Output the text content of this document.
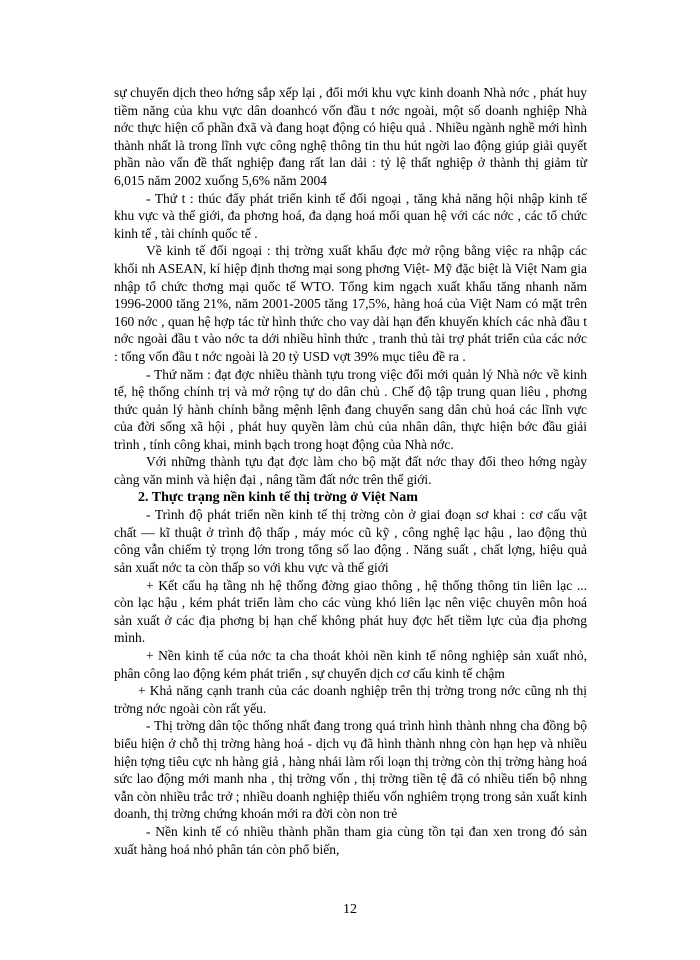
sự chuyển dịch theo hớng sắp xếp lại , đổi mới khu vực kinh doanh Nhà nớc , phát huy tiềm năng của khu vực dân doanhcó vốn đầu t nớc ngoài, một số doanh nghiệp Nhà nớc thực hiện cổ phần đxã và đang hoạt động có hiệu quả . Nhiều ngành nghề mới hình thành nhất là trong lĩnh vực công nghệ thông tin thu hút ngời lao động giúp giải quyết phần nào vấn đề thất nghiệp đang rất lan dải : tỷ lệ thất nghiệp ở thành thị giảm từ 6,015 năm 2002 xuống 5,6% năm 2004

- Thứ t : thúc đẩy phát triển kinh tế đối ngoại , tăng khả năng hội nhập kinh tế khu vực và thế giới, đa phơng hoá, đa dạng hoá mối quan hệ với các nớc , các tổ chức kinh tế , tài chính quốc tế .

Về kinh tế đối ngoại : thị trờng xuất khẩu đợc mở rộng bằng việc ra nhập các khối nh ASEAN, kí hiệp định thơng mại song phơng Việt- Mỹ đặc biệt là Việt Nam gia nhập tổ chức thơng mại quốc tế WTO. Tổng kim ngạch xuất khẩu tăng nhanh năm 1996-2000 tăng 21%, năm 2001-2005 tăng 17,5%, hàng hoá của Việt Nam có mặt trên 160 nớc , quan hệ hợp tác từ hình thức cho vay dài hạn đến khuyến khích các nhà đầu t nớc ngoài đầu t vào nớc ta dới nhiều hình thức , tranh thủ tài trợ phát triển của các nớc : tổng vốn đầu t nớc ngoài là 20 tỷ USD vợt 39% mục tiêu đề ra .

- Thứ năm : đạt đợc nhiều thành tựu trong việc đổi mới quản lý Nhà nớc về kinh tế, hệ thống chính trị và mở rộng tự do dân chủ . Chế độ tập trung quan liêu , phơng thức quản lý hành chính bằng mệnh lệnh đang chuyển sang dân chủ hoá các lĩnh vực của đời sống xã hội , phát huy quyền làm chủ của nhân dân, thực hiện bớc đầu giải trình , tính công khai, minh bạch trong hoạt động của Nhà nớc.

Với những thành tựu đạt đợc làm cho bộ mặt đất nớc thay đổi theo hớng ngày càng văn minh và hiện đại , nâng tầm đất nớc trên thế giới.

2. Thực trạng nền kinh tế thị trờng ở Việt Nam

- Trình độ phát triển nền kinh tế thị trờng còn ở giai đoạn sơ khai : cơ cấu vật chất — kĩ thuật ở trình độ thấp , máy móc cũ kỹ , công nghệ lạc hậu , lao động thủ công vẫn chiếm tỷ trọng lớn trong tổng số lao động . Năng suất , chất lợng, hiệu quả sản xuất nớc ta còn thấp so với khu vực và thế giới

+ Kết cấu hạ tầng nh hệ thống đờng giao thông , hệ thống thông tin liên lạc ... còn lạc hậu , kém phát triển làm cho các vùng khó liên lạc nên việc chuyên môn hoá sản xuất ở các địa phơng bị hạn chế không phát huy đợc hết tiềm lực của địa phơng mình.

+ Nền kinh tế của nớc ta cha thoát khỏi nền kinh tế nông nghiệp sản xuất nhỏ, phân công lao động kém phát triển , sự chuyển dịch cơ cấu kinh tế chậm

+ Khả năng cạnh tranh của các doanh nghiệp trên thị trờng trong nớc cũng nh thị trờng nớc ngoài còn rất yếu.

- Thị trờng dân tộc thống nhất đang trong quá trình hình thành nhng cha đồng bộ biểu hiện ở chỗ thị trờng hàng hoá - dịch vụ đã hình thành nhng còn hạn hẹp và nhiều hiện tợng tiêu cực nh hàng giả , hàng nhái làm rối loạn thị trờng còn thị trờng hàng hoá sức lao động mới manh nha , thị trờng vốn , thị trờng tiền tệ đã có nhiều tiến bộ nhng vẫn còn nhiều trắc trở ; nhiều doanh nghiệp thiếu vốn nghiêm trọng trong sản xuất kinh doanh, thị trờng chứng khoán mới ra đời còn non trẻ

- Nền kinh tế có nhiều thành phần tham gia cùng tồn tại đan xen trong đó sản xuất hàng hoá nhỏ phân tán còn phổ biến,

12
